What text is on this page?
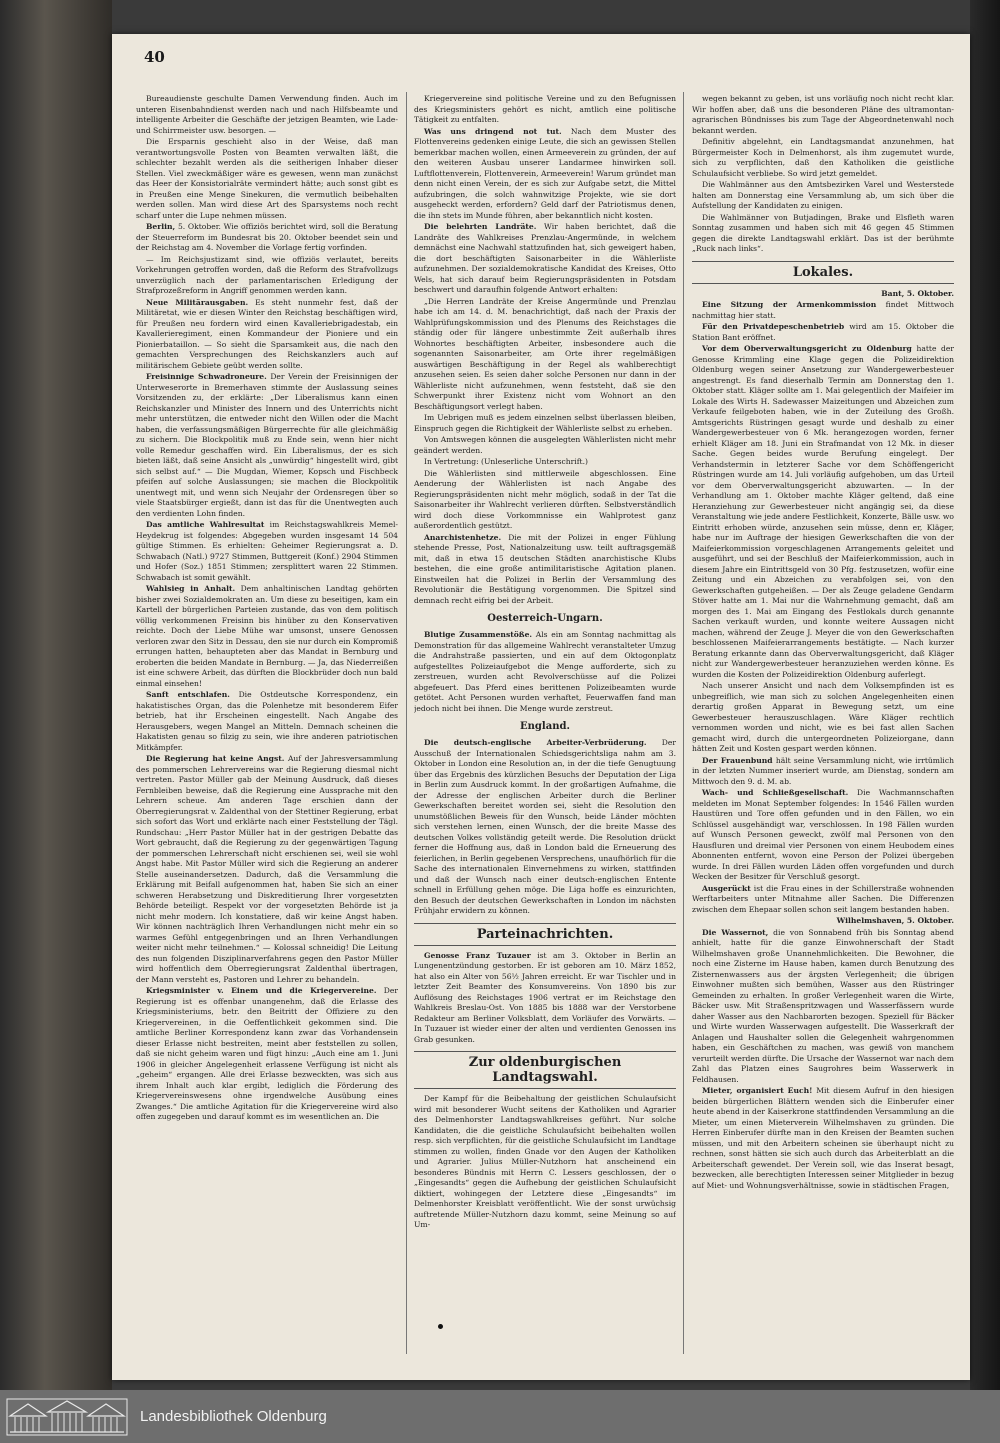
40

Bureaudienste geschulte Damen Verwendung finden. Auch im unteren Eisenbahndienst werden nach und nach Hilfsbeamte und intelligente Arbeiter die Geschäfte der jetzigen Beamten, wie Lade- und Schirrmeister usw. besorgen. —

Die Ersparnis geschieht also in der Weise, daß man verantwortungsvolle Posten von Beamten verwalten läßt, die schlechter bezahlt werden als die seitherigen Inhaber dieser Stellen. Viel zweckmäßiger wäre es gewesen, wenn man zunächst das Heer der Konsistorialräte vermindert hätte; auch sonst gibt es in Preußen eine Menge Sinekuren, die vermutlich beibehalten werden sollen. Man wird diese Art des Sparsystems noch recht scharf unter die Lupe nehmen müssen.

Berlin, 5. Oktober. Wie offiziös berichtet wird, soll die Beratung der Steuerreform im Bundesrat bis 20. Oktober beendet sein und der Reichstag am 4. November die Vorlage fertig vorfinden.

— Im Reichsjustizamt sind, wie offiziös verlautet, bereits Vorkehrungen getroffen worden, daß die Reform des Strafvollzugs unverzüglich nach der parlamentarischen Erledigung der Strafprozeßreform in Angriff genommen werden kann.

Neue Militärausgaben. Es steht nunmehr fest, daß der Militäretat, wie er diesen Winter den Reichstag beschäftigen wird, für Preußen neu fordern wird einen Kavalleriebrigadestab, ein Kavallerieregiment, einen Kommandeur der Pioniere und ein Pionierbataillon. — So sieht die Sparsamkeit aus, die nach den gemachten Versprechungen des Reichskanzlers auch auf militärischem Gebiete geübt werden sollte.

Freisinnige Schwadroneure. Der Verein der Freisinnigen der Unterweserorte in Bremerhaven stimmte der Auslassung seines Vorsitzenden zu, der erklärte: „Der Liberalismus kann einen Reichskanzler und Minister des Innern und des Unterrichts nicht mehr unterstützen, die entweder nicht den Willen oder die Macht haben, die verfassungsmäßigen Bürgerrechte für alle gleichmäßig zu sichern. Die Blockpolitik muß zu Ende sein, wenn hier nicht volle Remedur geschaffen wird. Ein Liberalismus, der es sich bieten läßt, daß seine Ansicht als „unwürdig“ hingestellt wird, gibt sich selbst auf.“ — Die Mugdan, Wiemer, Kopsch und Fischbeck pfeifen auf solche Auslassungen; sie machen die Blockpolitik unentwegt mit, und wenn sich Neujahr der Ordensregen über so viele Staatsbürger ergießt, dann ist das für die Unentwegten auch den verdienten Lohn finden.

Das amtliche Wahlresultat im Reichstagswahlkreis Memel-Heydekrug ist folgendes: Abgegeben wurden insgesamt 14 504 gültige Stimmen. Es erhielten: Geheimer Regierungsrat a. D. Schwabach (Natl.) 9727 Stimmen, Buttgereit (Konf.) 2904 Stimmen und Hofer (Soz.) 1851 Stimmen; zersplittert waren 22 Stimmen. Schwabach ist somit gewählt.

Wahlsieg in Anhalt. Dem anhaltinischen Landtag gehörten bisher zwei Sozialdemokraten an. Um diese zu beseitigen, kam ein Kartell der bürgerlichen Parteien zustande, das von dem politisch völlig verkommenen Freisinn bis hinüber zu den Konservativen reichte. Doch der Liebe Mühe war umsonst, unsere Genossen verloren zwar den Sitz in Dessau, den sie nur durch ein Kompromiß errungen hatten, behaupteten aber das Mandat in Bernburg und eroberten die beiden Mandate in Bernburg. — Ja, das Niederreißen ist eine schwere Arbeit, das dürften die Blockbrüder doch nun bald einmal einsehen!

Sanft entschlafen. Die Ostdeutsche Korrespondenz, ein hakatistisches Organ, das die Polenhetze mit besonderem Eifer betrieb, hat ihr Erscheinen eingestellt. Nach Angabe des Herausgebers, wegen Mangel an Mitteln. Demnach scheinen die Hakatisten genau so filzig zu sein, wie ihre anderen patriotischen Mitkämpfer.

Die Regierung hat keine Angst. Auf der Jahresversammlung des pommerschen Lehrervereins war die Regierung diesmal nicht vertreten. Pastor Müller gab der Meinung Ausdruck, daß dieses Fernbleiben beweise, daß die Regierung eine Aussprache mit den Lehrern scheue. Am anderen Tage erschien dann der Oberregierungsrat v. Zaldenthal von der Stettiner Regierung, erbat sich sofort das Wort und erklärte nach einer Feststellung der Tägl. Rundschau: „Herr Pastor Müller hat in der gestrigen Debatte das Wort gebraucht, daß die Regierung zu der gegenwärtigen Tagung der pommerschen Lehrerschaft nicht erschienen sei, weil sie wohl Angst habe. Mit Pastor Müller wird sich die Regierung an anderer Stelle auseinandersetzen. Dadurch, daß die Versammlung die Erklärung mit Beifall aufgenommen hat, haben Sie sich an einer schweren Herabsetzung und Diskreditierung Ihrer vorgesetzten Behörde beteiligt. Respekt vor der vorgesetzten Behörde ist ja nicht mehr modern. Ich konstatiere, daß wir keine Angst haben. Wir können nachträglich Ihren Verhandlungen nicht mehr ein so warmes Gefühl entgegenbringen und an Ihren Verhandlungen weiter nicht mehr teilnehmen.“ — Kolossal schneidig! Die Leitung des nun folgenden Disziplinarverfahrens gegen den Pastor Müller wird hoffentlich dem Oberregierungsrat Zaldenthal übertragen, der Mann versteht es, Pastoren und Lehrer zu behandeln.

Kriegsminister v. Einem und die Kriegervereine. Der Regierung ist es offenbar unangenehm, daß die Erlasse des Kriegsministeriums, betr. den Beitritt der Offiziere zu den Kriegervereinen, in die Oeffentlichkeit gekommen sind. Die amtliche Berliner Korrespondenz kann zwar das Vorhandensein dieser Erlasse nicht bestreiten, meint aber feststellen zu sollen, daß sie nicht geheim waren und fügt hinzu: „Auch eine am 1. Juni 1906 in gleicher Angelegenheit erlassene Verfügung ist nicht als „geheim“ ergangen. Alle drei Erlasse bezweckten, was sich aus ihrem Inhalt auch klar ergibt, lediglich die Förderung des Kriegervereinswesens ohne irgendwelche Ausübung eines Zwanges.“ Die amtliche Agitation für die Kriegervereine wird also offen zugegeben und darauf kommt es im wesentlichen an. Die

Kriegervereine sind politische Vereine und zu den Befugnissen des Kriegsministers gehört es nicht, amtlich eine politische Tätigkeit zu entfalten.

Was uns dringend not tut. Nach dem Muster des Flottenvereins gedenken einige Leute, die sich an gewissen Stellen bemerkbar machen wollen, einen Armeeverein zu gründen, der auf den weiteren Ausbau unserer Landarmee hinwirken soll. Luftflottenverein, Flottenverein, Armeeverein! Warum gründet man denn nicht einen Verein, der es sich zur Aufgabe setzt, die Mittel aufzubringen, die solch wahnwitzige Projekte, wie sie dort ausgeheckt werden, erfordern? Geld darf der Patriotismus denen, die ihn stets im Munde führen, aber bekanntlich nicht kosten.

Die belehrten Landräte. Wir haben berichtet, daß die Landräte des Wahlkreises Prenzlau-Angermünde, in welchem demnächst eine Nachwahl stattzufinden hat, sich geweigert haben, die dort beschäftigten Saisonarbeiter in die Wählerliste aufzunehmen. Der sozialdemokratische Kandidat des Kreises, Otto Wels, hat sich darauf beim Regierungspräsidenten in Potsdam beschwert und daraufhin folgende Antwort erhalten:

„Die Herren Landräte der Kreise Angermünde und Prenzlau habe ich am 14. d. M. benachrichtigt, daß nach der Praxis der Wahlprüfungskommission und des Plenums des Reichstages die ständig oder für längere unbestimmte Zeit außerhalb ihres Wohnortes beschäftigten Arbeiter, insbesondere auch die sogenannten Saisonarbeiter, am Orte ihrer regelmäßigen auswärtigen Beschäftigung in der Regel als wahlberechtigt anzusehen seien. Es seien daher solche Personen nur dann in der Wählerliste nicht aufzunehmen, wenn feststeht, daß sie den Schwerpunkt ihrer Existenz nicht vom Wohnort an den Beschäftigungsort verlegt haben.

Im Uebrigen muß es jedem einzelnen selbst überlassen bleiben, Einspruch gegen die Richtigkeit der Wählerliste selbst zu erheben.

Von Amtswegen können die ausgelegten Wählerlisten nicht mehr geändert werden.

In Vertretung: (Unleserliche Unterschrift.)

Die Wählerlisten sind mittlerweile abgeschlossen. Eine Aenderung der Wählerlisten ist nach Angabe des Regierungspräsidenten nicht mehr möglich, sodaß in der Tat die Saisonarbeiter ihr Wahlrecht verlieren dürften. Selbstverständlich wird doch diese Vorkommnisse ein Wahlprotest ganz außerordentlich gestützt.

Anarchistenhetze. Die mit der Polizei in enger Fühlung stehende Presse, Post, Nationalzeitung usw. teilt auftragsgemäß mit, daß in etwa 15 deutschen Städten anarchistische Klubs bestehen, die eine große antimilitaristische Agitation planen. Einstweilen hat die Polizei in Berlin der Versammlung des Revolutionär die Bestätigung vorgenommen. Die Spitzel sind demnach recht eifrig bei der Arbeit.

Oesterreich-Ungarn.

Blutige Zusammenstöße. Als ein am Sonntag nachmittag als Demonstration für das allgemeine Wahlrecht veranstalteter Umzug die Andrahstraße passierten, und ein auf dem Oktogonplatz aufgestelltes Polizeiaufgebot die Menge aufforderte, sich zu zerstreuen, wurden acht Revolverschüsse auf die Polizei abgefeuert. Das Pferd eines berittenen Polizeibeamten wurde getötet. Acht Personen wurden verhaftet, Feuerwaffen fand man jedoch nicht bei ihnen. Die Menge wurde zerstreut.

England.

Die deutsch-englische Arbeiter-Verbrüderung. Der Ausschuß der Internationalen Schiedsgerichtsliga nahm am 3. Oktober in London eine Resolution an, in der die tiefe Genugtuung über das Ergebnis des kürzlichen Besuchs der Deputation der Liga in Berlin zum Ausdruck kommt. In der großartigen Aufnahme, die der Adresse der englischen Arbeiter durch die Berliner Gewerkschaften bereitet worden sei, sieht die Resolution den unumstößlichen Beweis für den Wunsch, beide Länder möchten sich verstehen lernen, einen Wunsch, der die breite Masse des deutschen Volkes vollständig geteilt werde. Die Resolution drückt ferner die Hoffnung aus, daß in London bald die Erneuerung des feierlichen, in Berlin gegebenen Versprechens, unaufhörlich für die Sache des internationalen Einvernehmens zu wirken, stattfinden und daß der Wunsch nach einer deutsch-englischen Entente schnell in Erfüllung gehen möge. Die Liga hoffe es einzurichten, den Besuch der deutschen Gewerkschaften in London im nächsten Frühjahr erwidern zu können.

Parteinachrichten.

Genosse Franz Tuzauer ist am 3. Oktober in Berlin an Lungenentzündung gestorben. Er ist geboren am 10. März 1852, hat also ein Alter von 56½ Jahren erreicht. Er war Tischler und in letzter Zeit Beamter des Konsumvereins. Von 1890 bis zur Auflösung des Reichstages 1906 vertrat er im Reichstage den Wahlkreis Breslau-Ost. Von 1885 bis 1888 war der Verstorbene Redakteur am Berliner Volksblatt, dem Vorläufer des Vorwärts. — In Tuzauer ist wieder einer der alten und verdienten Genossen ins Grab gesunken.

Zur oldenburgischen Landtagswahl.

Der Kampf für die Beibehaltung der geistlichen Schulaufsicht wird mit besonderer Wucht seitens der Katholiken und Agrarier des Delmenhorster Landtagswahlkreises geführt. Nur solche Kandidaten, die die geistliche Schulaufsicht beibehalten wollen resp. sich verpflichten, für die geistliche Schulaufsicht im Landtage stimmen zu wollen, finden Gnade vor den Augen der Katholiken und Agrarier. Julius Müller-Nutzhorn hat anscheinend ein besonderes Bündnis mit Herrn C. Lessers geschlossen, der o „Eingesandts“ gegen die Aufhebung der geistlichen Schulaufsicht diktiert, wohingegen der Letztere diese „Eingesandts“ im Delmenhorster Kreisblatt veröffentlicht. Wie der sonst urwüchsig auftretende Müller-Nutzhorn dazu kommt, seine Meinung so auf Um-

wegen bekannt zu geben, ist uns vorläufig noch nicht recht klar. Wir hoffen aber, daß uns die besonderen Pläne des ultramontan-agrarischen Bündnisses bis zum Tage der Abgeordnetenwahl noch bekannt werden.

Definitiv abgelehnt, ein Landtagsmandat anzunehmen, hat Bürgermeister Koch in Delmenhorst, als ihm zugemutet wurde, sich zu verpflichten, daß den Katholiken die geistliche Schulaufsicht verbliebe. So wird jetzt gemeldet.

Die Wahlmänner aus den Amtsbezirken Varel und Westerstede halten am Donnerstag eine Versammlung ab, um sich über die Aufstellung der Kandidaten zu einigen.

Die Wahlmänner von Butjadingen, Brake und Elsfleth waren Sonntag zusammen und haben sich mit 46 gegen 45 Stimmen gegen die direkte Landtagswahl erklärt. Das ist der berühmte „Ruck nach links“.

Lokales.

Bant, 5. Oktober.

Eine Sitzung der Armenkommission findet Mittwoch nachmittag hier statt.

Für den Privatdepeschenbetrieb wird am 15. Oktober die Station Bant eröffnet.

Vor dem Oberverwaltungsgericht zu Oldenburg hatte der Genosse Krimmling eine Klage gegen die Polizeidirektion Oldenburg wegen seiner Ansetzung zur Wandergewerbesteuer angestrengt. Es fand dieserhalb Termin am Donnerstag den 1. Oktober statt. Kläger sollte am 1. Mai gelegentlich der Maifeier im Lokale des Wirts H. Sadewasser Maizeitungen und Abzeichen zum Verkaufe feilgeboten haben, wie in der Zuteilung des Großh. Amtsgerichts Rüstringen gesagt wurde und deshalb zu einer Wandergewerbesteuer von 6 Mk. herangezogen worden, ferner erhielt Kläger am 18. Juni ein Strafmandat von 12 Mk. in dieser Sache. Gegen beides wurde Berufung eingelegt. Der Verhandstermin in letzterer Sache vor dem Schöffengericht Rüstringen wurde am 14. Juli vorläufig aufgehoben, um das Urteil vor dem Oberverwaltungsgericht abzuwarten. — In der Verhandlung am 1. Oktober machte Kläger geltend, daß eine Heranziehung zur Gewerbesteuer nicht angängig sei, da diese Veranstaltung wie jede andere Festlichkeit, Konzerte, Bälle usw. wo Eintritt erhoben würde, anzusehen sein müsse, denn er, Kläger, habe nur im Auftrage der hiesigen Gewerkschaften die von der Maifeierkommission vorgeschlagenen Arrangements geleitet und ausgeführt, und sei der Beschluß der Maifeierkommission, auch in diesem Jahre ein Eintrittsgeld von 30 Pfg. festzusetzen, wofür eine Zeitung und ein Abzeichen zu verabfolgen sei, von den Gewerkschaften gutgeheißen. — Der als Zeuge geladene Gendarm Stöver hatte am 1. Mai nur die Wahrnehmung gemacht, daß am morgen des 1. Mai am Eingang des Festlokals durch genannte Sachen verkauft wurden, und konnte weitere Aussagen nicht machen, während der Zeuge J. Meyer die von den Gewerkschaften beschlossenen Maifeierarrangements bestätigte. — Nach kurzer Beratung erkannte dann das Oberverwaltungsgericht, daß Kläger nicht zur Wandergewerbesteuer heranzuziehen werden könne. Es wurden die Kosten der Polizeidirektion Oldenburg auferlegt.

Nach unserer Ansicht und nach dem Volksempfinden ist es unbegreiflich, wie man sich zu solchen Angelegenheiten einen derartig großen Apparat in Bewegung setzt, um eine Gewerbesteuer herauszuschlagen. Wäre Kläger rechtlich vernommen worden und nicht, wie es bei fast allen Sachen gemacht wird, durch die untergeordneten Polizeiorgane, dann hätten Zeit und Kosten gespart werden können.

Der Frauenbund hält seine Versammlung nicht, wie irrtümlich in der letzten Nummer inseriert wurde, am Dienstag, sondern am Mittwoch den 9. d. M. ab.

Wach- und Schließgesellschaft. Die Wachmannschaften meldeten im Monat September folgendes: In 1546 Fällen wurden Haustüren und Tore offen gefunden und in den Fällen, wo ein Schlüssel ausgehändigt war, verschlossen. In 198 Fällen wurden auf Wunsch Personen geweckt, zwölf mal Personen von den Hausfluren und dreimal vier Personen von einem Heubodem eines Abonnenten entfernt, wovon eine Person der Polizei übergeben wurde. In drei Fällen wurden Läden offen vorgefunden und durch Wecken der Besitzer für Verschluß gesorgt.

Ausgerückt ist die Frau eines in der Schillerstraße wohnenden Werftarbeiters unter Mitnahme aller Sachen. Die Differenzen zwischen dem Ehepaar sollen schon seit langem bestanden haben.

Wilhelmshaven, 5. Oktober.

Die Wassernot, die von Sonnabend früh bis Sonntag abend anhielt, hatte für die ganze Einwohnerschaft der Stadt Wilhelmshaven große Unannehmlichkeiten. Die Bewohner, die noch eine Zisterne im Hause haben, kamen durch Benutzung des Zisternenwassers aus der ärgsten Verlegenheit; die übrigen Einwohner mußten sich bemühen, Wasser aus den Rüstringer Gemeinden zu erhalten. In großer Verlegenheit waren die Wirte, Bäcker usw. Mit Straßenspritzwagen und Wasserfässern wurde daher Wasser aus den Nachbarorten bezogen. Speziell für Bäcker und Wirte wurden Wasserwagen aufgestellt. Die Wasserkraft der Anlagen und Haushalter sollen die Gelegenheit wahrgenommen haben, ein Geschäftchen zu machen, was gewiß von manchem verurteilt werden dürfte. Die Ursache der Wassernot war nach dem Zahl das Platzen eines Saugrohres beim Wasserwerk in Feldhausen.

Mieter, organisiert Euch! Mit diesem Aufruf in den hiesigen beiden bürgerlichen Blättern wenden sich die Einberufer einer heute abend in der Kaiserkrone stattfindenden Versammlung an die Mieter, um einen Mieterverein Wilhelmshaven zu gründen. Die Herren Einberufer dürfte man in den Kreisen der Beamten suchen müssen, und mit den Arbeitern scheinen sie überhaupt nicht zu rechnen, sonst hätten sie sich auch durch das Arbeiterblatt an die Arbeiterschaft gewendet. Der Verein soll, wie das Inserat besagt, bezwecken, alle berechtigten Interessen seiner Mitglieder in bezug auf Miet- und Wohnungsverhältnisse, sowie in städtischen Fragen,

Landesbibliothek Oldenburg
